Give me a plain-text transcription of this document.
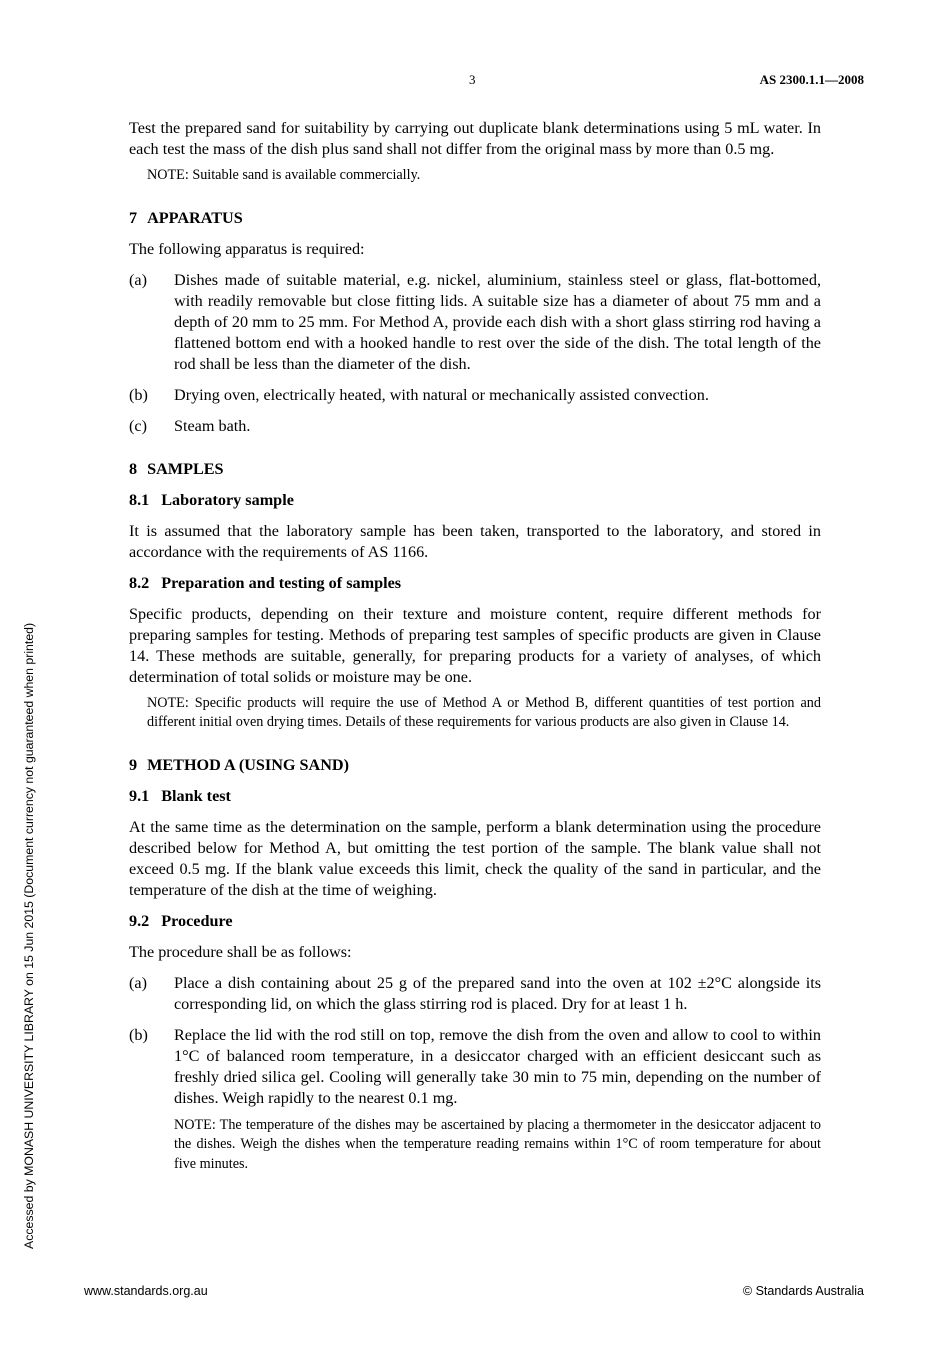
3	AS 2300.1.1—2008

Test the prepared sand for suitability by carrying out duplicate blank determinations using 5 mL water. In each test the mass of the dish plus sand shall not differ from the original mass by more than 0.5 mg.

NOTE: Suitable sand is available commercially.

7 APPARATUS

The following apparatus is required:

(a)	Dishes made of suitable material, e.g. nickel, aluminium, stainless steel or glass, flat-bottomed, with readily removable but close fitting lids. A suitable size has a diameter of about 75 mm and a depth of 20 mm to 25 mm. For Method A, provide each dish with a short glass stirring rod having a flattened bottom end with a hooked handle to rest over the side of the dish. The total length of the rod shall be less than the diameter of the dish.
(b)	Drying oven, electrically heated, with natural or mechanically assisted convection.
(c)	Steam bath.
8 SAMPLES
8.1 Laboratory sample

It is assumed that the laboratory sample has been taken, transported to the laboratory, and stored in accordance with the requirements of AS 1166.

8.2 Preparation and testing of samples

Specific products, depending on their texture and moisture content, require different methods for preparing samples for testing. Methods of preparing test samples of specific products are given in Clause 14. These methods are suitable, generally, for preparing products for a variety of analyses, of which determination of total solids or moisture may be one.

NOTE: Specific products will require the use of Method A or Method B, different quantities of test portion and different initial oven drying times. Details of these requirements for various products are also given in Clause 14.

9 METHOD A (USING SAND)
9.1 Blank test

At the same time as the determination on the sample, perform a blank determination using the procedure described below for Method A, but omitting the test portion of the sample. The blank value shall not exceed 0.5 mg. If the blank value exceeds this limit, check the quality of the sand in particular, and the temperature of the dish at the time of weighing.

9.2 Procedure

The procedure shall be as follows:

(a)	Place a dish containing about 25 g of the prepared sand into the oven at 102 ±2°C alongside its corresponding lid, on which the glass stirring rod is placed. Dry for at least 1 h.
(b)	Replace the lid with the rod still on top, remove the dish from the oven and allow to cool to within 1°C of balanced room temperature, in a desiccator charged with an efficient desiccant such as freshly dried silica gel. Cooling will generally take 30 min to 75 min, depending on the number of dishes. Weigh rapidly to the nearest 0.1 mg.
NOTE: The temperature of the dishes may be ascertained by placing a thermometer in the desiccator adjacent to the dishes. Weigh the dishes when the temperature reading remains within 1°C of room temperature for about five minutes.
Accessed by MONASH UNIVERSITY LIBRARY on 15 Jun 2015 (Document currency not guaranteed when printed)
www.standards.org.au	© Standards Australia
